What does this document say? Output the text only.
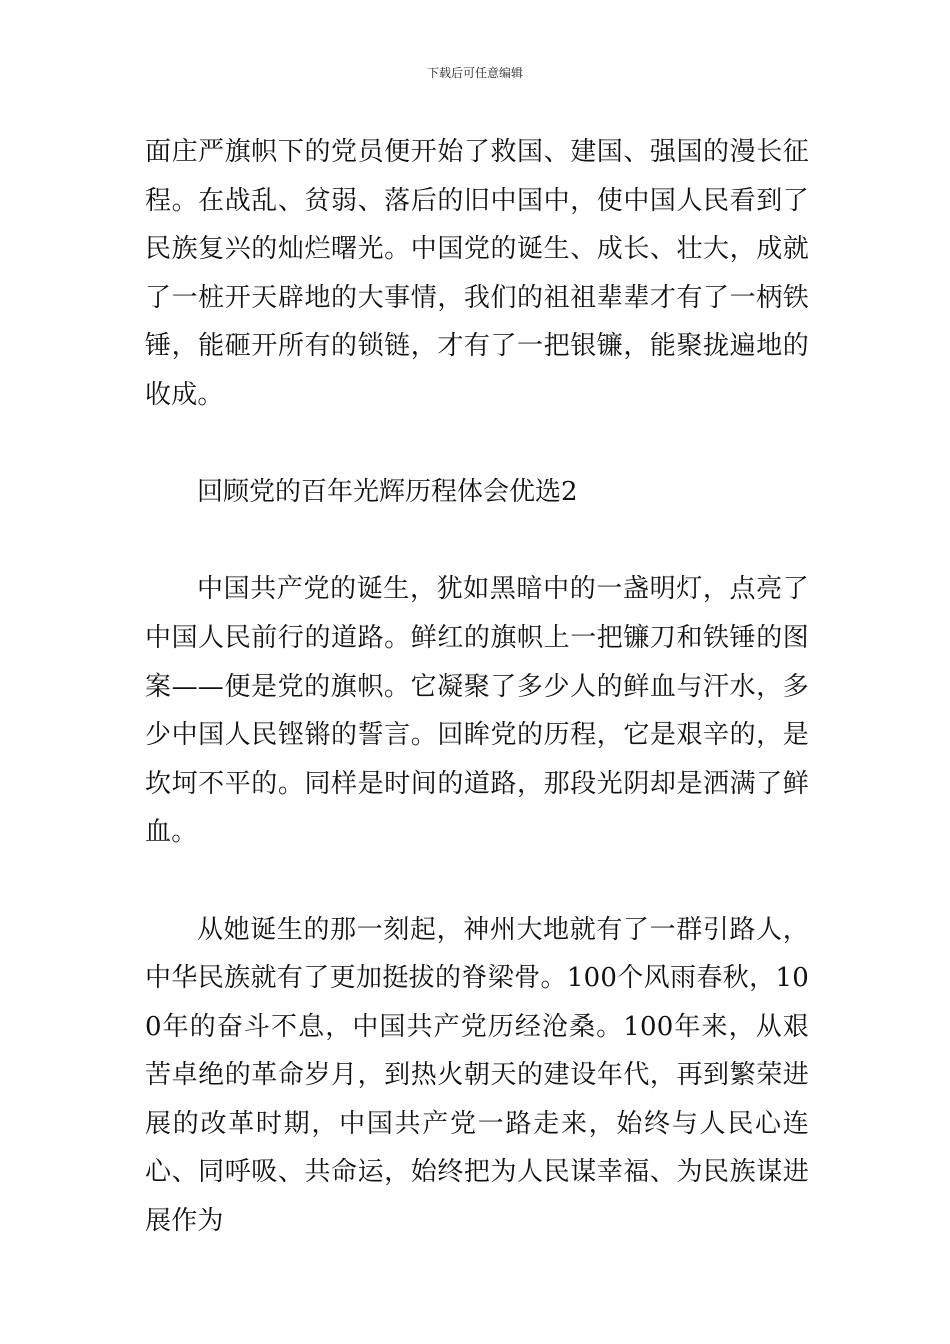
下载后可任意编辑

面庄严旗帜下的党员便开始了救国、建国、强国的漫长征程。在战乱、贫弱、落后的旧中国中，使中国人民看到了民族复兴的灿烂曙光。中国党的诞生、成长、壮大，成就了一桩开天辟地的大事情，我们的祖祖辈辈才有了一柄铁锤，能砸开所有的锁链，才有了一把银镰，能聚拢遍地的收成。

回顾党的百年光辉历程体会优选2

中国共产党的诞生，犹如黑暗中的一盏明灯，点亮了中国人民前行的道路。鲜红的旗帜上一把镰刀和铁锤的图案——便是党的旗帜。它凝聚了多少人的鲜血与汗水，多少中国人民铿锵的誓言。回眸党的历程，它是艰辛的，是坎坷不平的。同样是时间的道路，那段光阴却是洒满了鲜血。

从她诞生的那一刻起，神州大地就有了一群引路人，中华民族就有了更加挺拔的脊梁骨。100个风雨春秋，100年的奋斗不息，中国共产党历经沧桑。100年来，从艰苦卓绝的革命岁月，到热火朝天的建设年代，再到繁荣进展的改革时期，中国共产党一路走来，始终与人民心连心、同呼吸、共命运，始终把为人民谋幸福、为民族谋进展作为
